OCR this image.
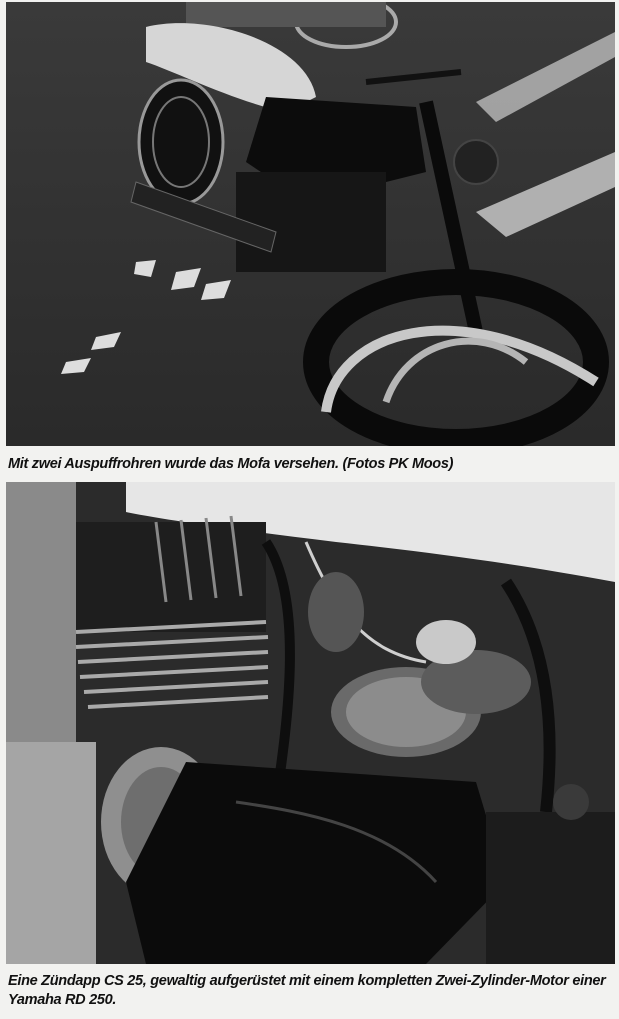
Mit zwei Auspuffrohren wurde das Mofa versehen. (Fotos PK Moos)
Eine Zündapp CS 25, gewaltig aufgerüstet mit einem kompletten Zwei-Zylinder-Motor einer Yamaha RD 250.
